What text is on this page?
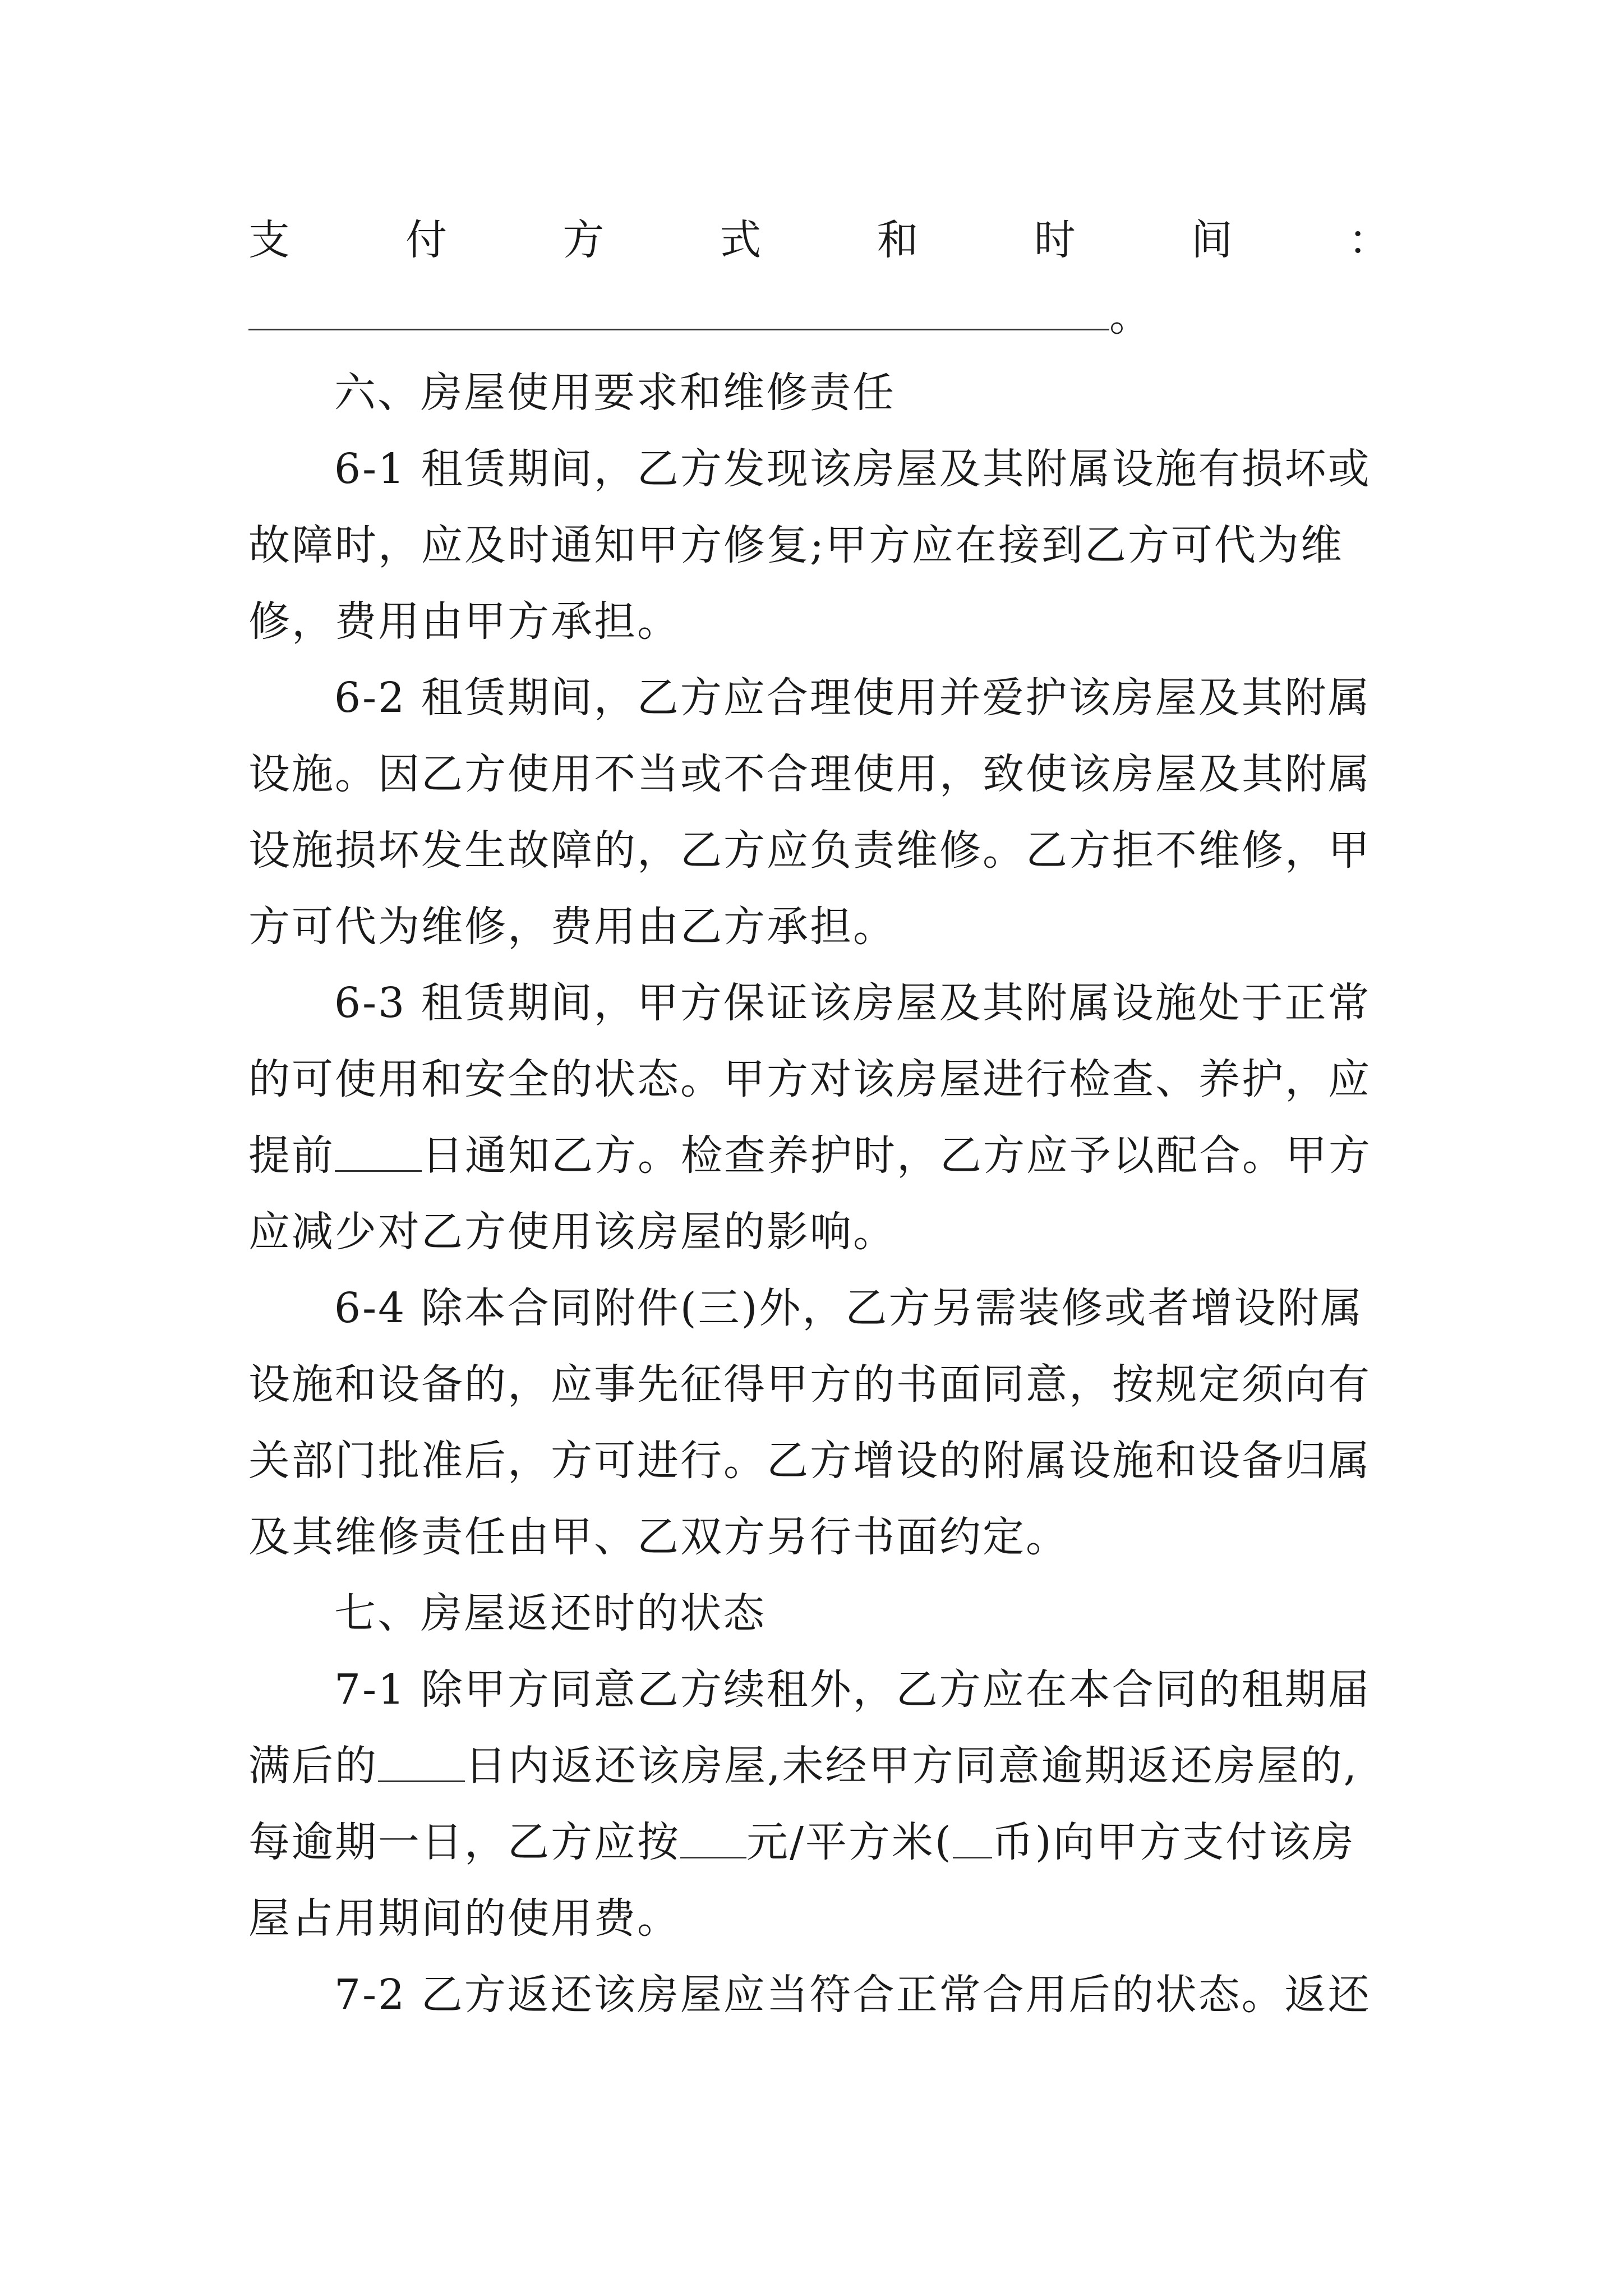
支	付	方	式	和	时	间	：
。
六、房屋使用要求和维修责任
6-1 租赁期间，乙方发现该房屋及其附属设施有损坏或
故障时，应及时通知甲方修复;甲方应在接到乙方可代为维
修，费用由甲方承担。
6-2 租赁期间，乙方应合理使用并爱护该房屋及其附属
设施。因乙方使用不当或不合理使用，致使该房屋及其附属
设施损坏发生故障的，乙方应负责维修。乙方拒不维修，甲
方可代为维修，费用由乙方承担。
6-3 租赁期间，甲方保证该房屋及其附属设施处于正常
的可使用和安全的状态。甲方对该房屋进行检查、养护，应
提前 日通知乙方。检查养护时，乙方应予以配合。甲方
应减少对乙方使用该房屋的影响。
6-4 除本合同附件(三)外，乙方另需装修或者增设附属
设施和设备的，应事先征得甲方的书面同意，按规定须向有
关部门批准后，方可进行。乙方增设的附属设施和设备归属
及其维修责任由甲、乙双方另行书面约定。
七、房屋返还时的状态
7-1 除甲方同意乙方续租外，乙方应在本合同的租期届
满后的 日内返还该房屋,未经甲方同意逾期返还房屋的,
每逾期一日，乙方应按 元/平方米( 币)向甲方支付该房
屋占用期间的使用费。
7-2 乙方返还该房屋应当符合正常合用后的状态。返还
